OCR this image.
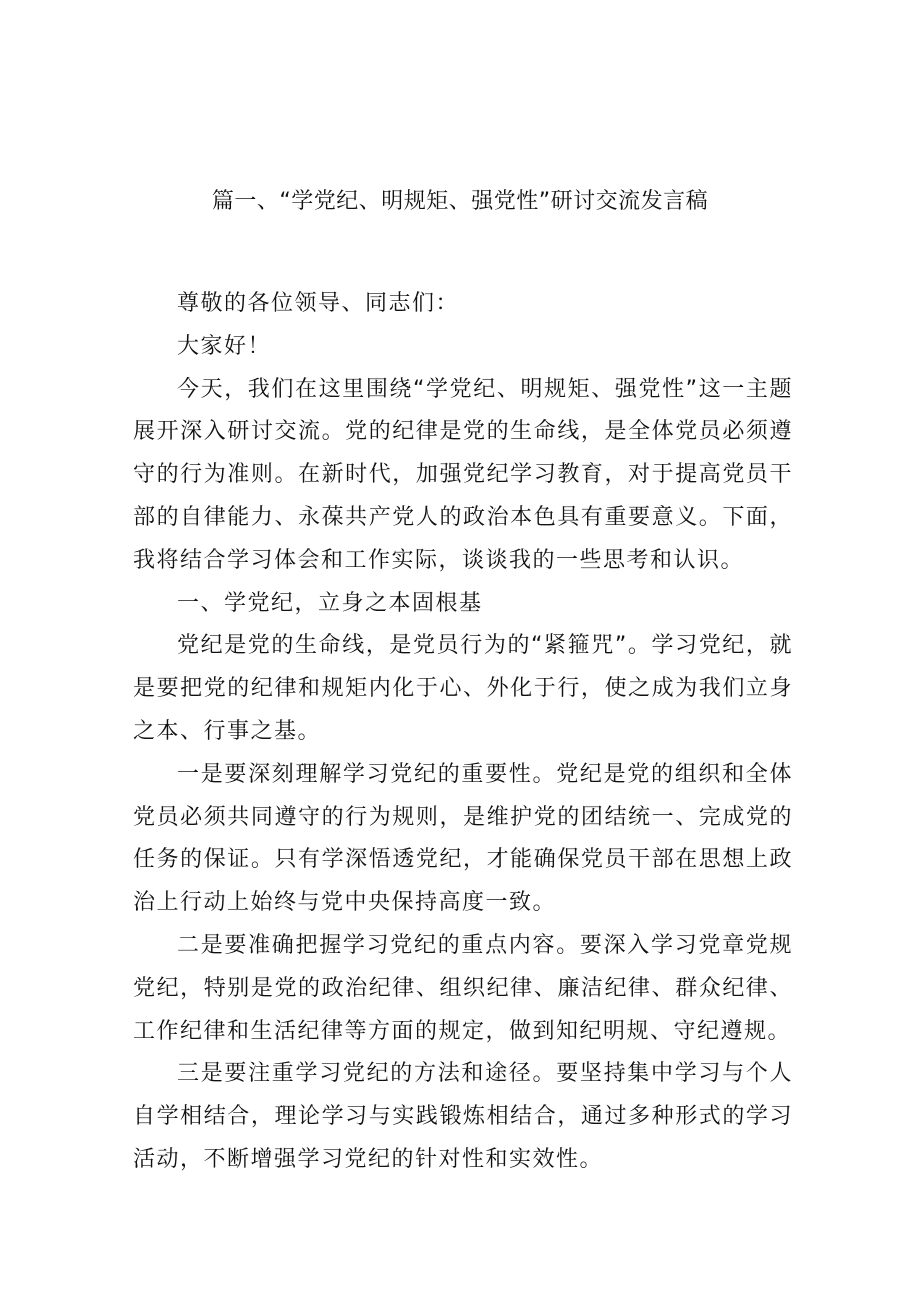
篇一、“学党纪、明规矩、强党性”研讨交流发言稿

尊敬的各位领导、同志们：

大家好！

今天，我们在这里围绕“学党纪、明规矩、强党性”这一主题展开深入研讨交流。党的纪律是党的生命线，是全体党员必须遵守的行为准则。在新时代，加强党纪学习教育，对于提高党员干部的自律能力、永葆共产党人的政治本色具有重要意义。下面，我将结合学习体会和工作实际，谈谈我的一些思考和认识。

一、学党纪，立身之本固根基

党纪是党的生命线，是党员行为的“紧箍咒”。学习党纪，就是要把党的纪律和规矩内化于心、外化于行，使之成为我们立身之本、行事之基。

一是要深刻理解学习党纪的重要性。党纪是党的组织和全体党员必须共同遵守的行为规则，是维护党的团结统一、完成党的任务的保证。只有学深悟透党纪，才能确保党员干部在思想上政治上行动上始终与党中央保持高度一致。

二是要准确把握学习党纪的重点内容。要深入学习党章党规党纪，特别是党的政治纪律、组织纪律、廉洁纪律、群众纪律、工作纪律和生活纪律等方面的规定，做到知纪明规、守纪遵规。

三是要注重学习党纪的方法和途径。要坚持集中学习与个人自学相结合，理论学习与实践锻炼相结合，通过多种形式的学习活动，不断增强学习党纪的针对性和实效性。
